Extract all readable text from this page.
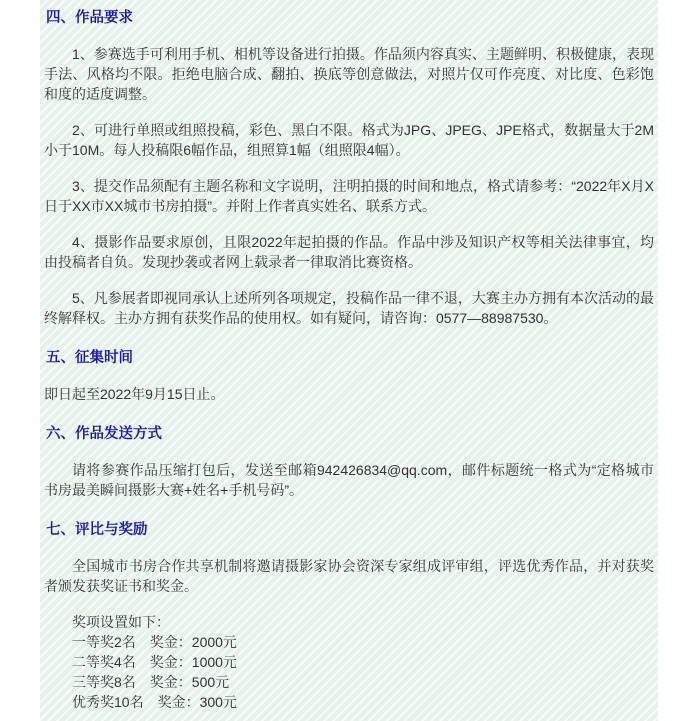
四、作品要求
1、参赛选手可利用手机、相机等设备进行拍摄。作品须内容真实、主题鲜明、积极健康，表现手法、风格均不限。拒绝电脑合成、翻拍、换底等创意做法，对照片仅可作亮度、对比度、色彩饱和度的适度调整。
2、可进行单照或组照投稿，彩色、黑白不限。格式为JPG、JPEG、JPE格式，数据量大于2M小于10M。每人投稿限6幅作品，组照算1幅（组照限4幅）。
3、提交作品须配有主题名称和文字说明，注明拍摄的时间和地点，格式请参考：“2022年X月X日于XX市XX城市书房拍摄”。并附上作者真实姓名、联系方式。
4、摄影作品要求原创，且限2022年起拍摄的作品。作品中涉及知识产权等相关法律事宜，均由投稿者自负。发现抄袭或者网上载录者一律取消比赛资格。
5、凡参展者即视同承认上述所列各项规定，投稿作品一律不退，大赛主办方拥有本次活动的最终解释权。主办方拥有获奖作品的使用权。如有疑问，请咨询：0577—88987530。
五、征集时间
即日起至2022年9月15日止。
六、作品发送方式
请将参赛作品压缩打包后，发送至邮箱942426834@qq.com，邮件标题统一格式为“定格城市书房最美瞬间摄影大赛+姓名+手机号码”。
七、评比与奖励
全国城市书房合作共享机制将邀请摄影家协会资深专家组成评审组，评选优秀作品，并对获奖者颁发获奖证书和奖金。
奖项设置如下：
一等奖2名　奖金：2000元
二等奖4名　奖金：1000元
三等奖8名　奖金：500元
优秀奖10名　奖金：300元
